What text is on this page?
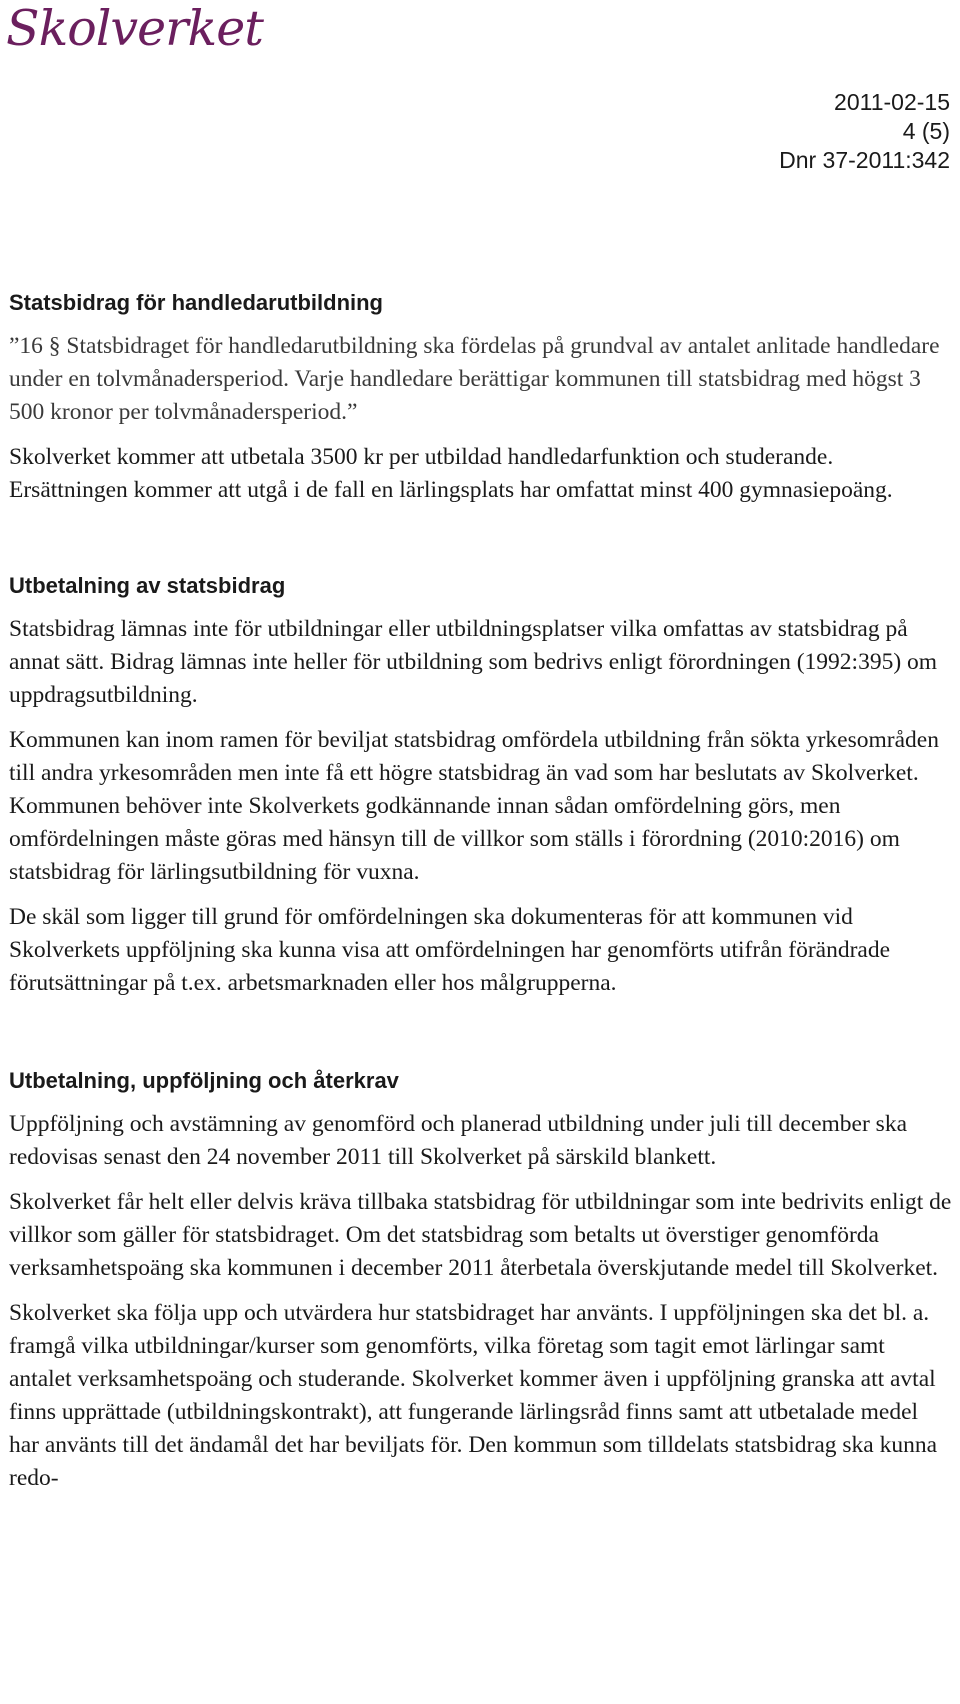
Skolverket
2011-02-15
4 (5)
Dnr 37-2011:342
Statsbidrag för handledarutbildning

”16 § Statsbidraget för handledarutbildning ska fördelas på grundval av antalet anlitade handledare under en tolvmånadersperiod. Varje handledare berättigar kommunen till statsbidrag med högst 3 500 kronor per tolvmånadersperiod.”

Skolverket kommer att utbetala 3500 kr per utbildad handledarfunktion och studerande. Ersättningen kommer att utgå i de fall en lärlingsplats har omfattat minst 400 gymnasiepoäng.

Utbetalning av statsbidrag

Statsbidrag lämnas inte för utbildningar eller utbildningsplatser vilka omfattas av statsbidrag på annat sätt. Bidrag lämnas inte heller för utbildning som bedrivs enligt förordningen (1992:395) om uppdragsutbildning.

Kommunen kan inom ramen för beviljat statsbidrag omfördela utbildning från sökta yrkesområden till andra yrkesområden men inte få ett högre statsbidrag än vad som har beslutats av Skolverket. Kommunen behöver inte Skolverkets godkännande innan sådan omfördelning görs, men omfördelningen måste göras med hänsyn till de villkor som ställs i förordning (2010:2016) om statsbidrag för lärlingsutbildning för vuxna.

De skäl som ligger till grund för omfördelningen ska dokumenteras för att kommunen vid Skolverkets uppföljning ska kunna visa att omfördelningen har genomförts utifrån förändrade förutsättningar på t.ex. arbetsmarknaden eller hos målgrupperna.

Utbetalning, uppföljning och återkrav

Uppföljning och avstämning av genomförd och planerad utbildning under juli till december ska redovisas senast den 24 november 2011 till Skolverket på särskild blankett.

Skolverket får helt eller delvis kräva tillbaka statsbidrag för utbildningar som inte bedrivits enligt de villkor som gäller för statsbidraget. Om det statsbidrag som betalts ut överstiger genomförda verksamhetspoäng ska kommunen i december 2011 återbetala överskjutande medel till Skolverket.

Skolverket ska följa upp och utvärdera hur statsbidraget har använts. I uppföljningen ska det bl. a. framgå vilka utbildningar/kurser som genomförts, vilka företag som tagit emot lärlingar samt antalet verksamhetspoäng och studerande. Skolverket kommer även i uppföljning granska att avtal finns upprättade (utbildningskontrakt), att fungerande lärlingsråd finns samt att utbetalade medel har använts till det ändamål det har beviljats för. Den kommun som tilldelats statsbidrag ska kunna redo-
